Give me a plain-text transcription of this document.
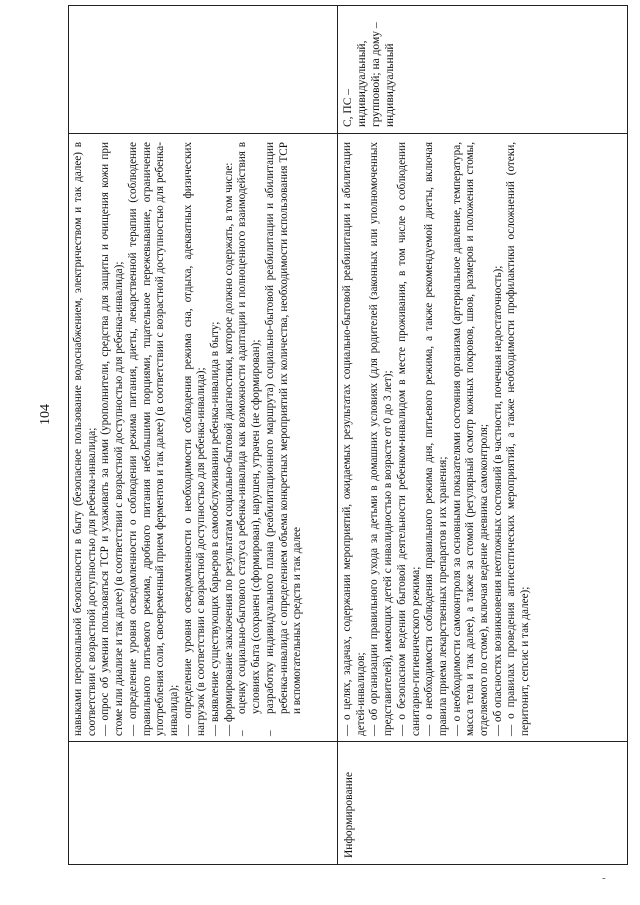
104 навыками персональной безопасности в быту (безопасное пользование водоснабжением, электричеством и так далее) в соответствии с возрастной доступностью для ребенка-инвалида; — опрос об умении пользоваться ТСР и ухаживать за ними (урополнители, средства для защиты и очищения кожи при стоме или диализе и так далее) (в соответствии с возрастной доступностью для ребенка-инвалида); — определение уровня осведомленности о соблюдении режима питания, диеты, лекарственной терапии (соблюдение правильного питьевого режима, дробного питания небольшими порциями, тщательное пережевывание, ограничение употребления соли, своевременный прием ферментов и так далее) (в соответствии с возрастной доступностью для ребенка-инвалида); — определение уровня осведомленности о необходимости соблюдения режима сна, отдыха, адекватных физических нагрузок (в соответствии с возрастной доступностью для ребенка-инвалида); — выявление существующих барьеров в самообслуживании ребенка-инвалида в быту; — формирование заключения по результатам социально-бытовой диагностики, которое должно содержать, в том числе: –
оценку социально-бытового статуса ребенка-инвалида как возможности адаптации и полноценного взаимодействия в условиях быта (сохранен (сформирован), нарушен, утрачен (не сформирован);
–
разработку индивидуального плана (реабилитационного маршрута) социально-бытовой реабилитации и абилитации ребенка-инвалида с определением объема конкретных мероприятий их количества, необходимости использования ТСР и вспомогательных средств и так далее
Информирование

— о целях, задачах, содержании мероприятий, ожидаемых результатах социально-бытовой реабилитации и абилитации детей-инвалидов; — об организации правильного ухода за детьми в домашних условиях (для родителей (законных или уполномоченных представителей), имеющих детей с инвалидностью в возрасте от 0 до 3 лет); — о безопасном ведении бытовой деятельности ребенком-инвалидом в месте проживания, в том числе о соблюдении санитарно-гигиенического режима; — о необходимости соблюдения правильного режима дня, питьевого режима, а также рекомендуемой диеты, включая правила приема лекарственных препаратов и их хранения; — о необходимости самоконтроля за основными показателями состояния организма (артериальное давление, температура, масса тела и так далее), а также за стомой (регулярный осмотр кожных покровов, швов, размеров и положения стомы, отделяемого по стоме), включая ведение дневника самоконтроля; — об опасностях возникновения неотложных состояний (в частности, почечная недостаточность); — о правилах проведения антисептических мероприятий, а также необходимости профилактики осложнений (отеки, перитонит, сепсис и так далее);

С, ПС – индивидуальный, групповой; на дому – индивидуальный
-
